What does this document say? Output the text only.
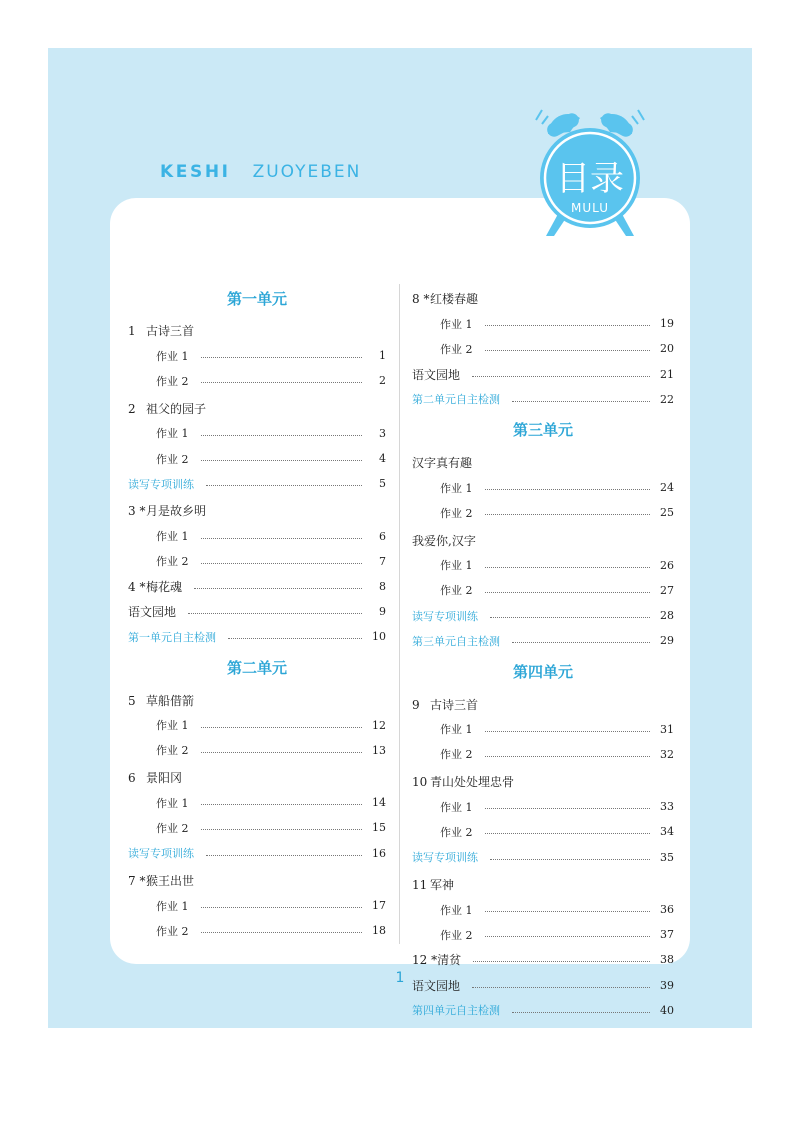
KESHI ZUOYEBEN	目录
MULU
第一单元
1 古诗三首
作业 1	1
作业 2	2
2 祖父的园子
作业 1	3
作业 2	4
读写专项训练	5
3 *月是故乡明
作业 1	6
作业 2	7
4 *梅花魂	8
语文园地	9
第一单元自主检测	10
第二单元
5 草船借箭
作业 1	12
作业 2	13
6 景阳冈
作业 1	14
作业 2	15
读写专项训练	16
7 *猴王出世
作业 1	17
作业 2	18
8 *红楼春趣
作业 1	19
作业 2	20
语文园地	21
第二单元自主检测	22
第三单元
汉字真有趣
作业 1	24
作业 2	25
我爱你,汉字
作业 1	26
作业 2	27
读写专项训练	28
第三单元自主检测	29
第四单元
9 古诗三首
作业 1	31
作业 2	32
10 青山处处埋忠骨
作业 1	33
作业 2	34
读写专项训练	35
11 军神
作业 1	36
作业 2	37
12 *清贫	38
语文园地	39
第四单元自主检测	40
1
